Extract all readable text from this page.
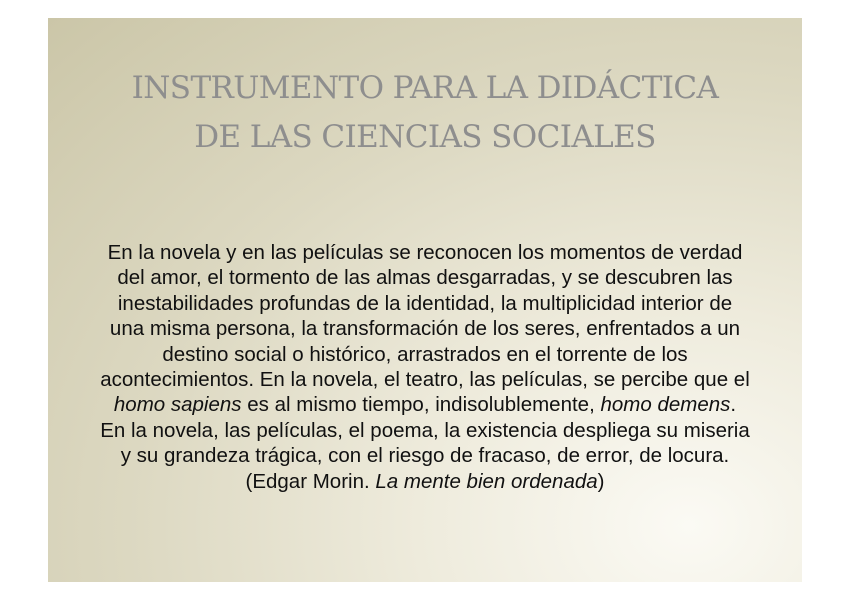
INSTRUMENTO PARA LA DIDÁCTICA
DE LAS CIENCIAS SOCIALES
En la novela y en las películas se reconocen los momentos de verdad
del amor, el tormento de las almas desgarradas, y se descubren las
inestabilidades profundas de la identidad, la multiplicidad interior de
una misma persona, la transformación de los seres, enfrentados a un
destino social o histórico, arrastrados en el torrente de los
acontecimientos. En la novela, el teatro, las películas, se percibe que el
homo sapiens es al mismo tiempo, indisolublemente, homo demens.
En la novela, las películas, el poema, la existencia despliega su miseria
y su grandeza trágica, con el riesgo de fracaso, de error, de locura.
(Edgar Morin. La mente bien ordenada)
